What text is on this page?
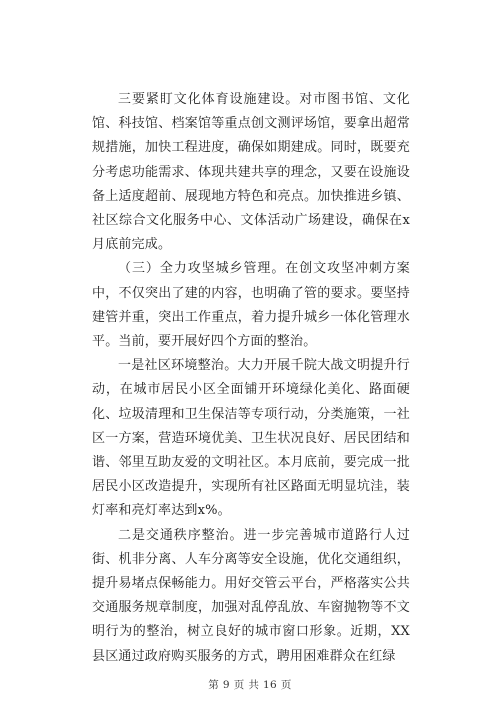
三要紧盯文化体育设施建设。对市图书馆、文化馆、科技馆、档案馆等重点创文测评场馆，要拿出超常规措施，加快工程进度，确保如期建成。同时，既要充分考虑功能需求、体现共建共享的理念，又要在设施设备上适度超前、展现地方特色和亮点。加快推进乡镇、社区综合文化服务中心、文体活动广场建设，确保在x月底前完成。

（三）全力攻坚城乡管理。在创文攻坚冲刺方案中，不仅突出了建的内容，也明确了管的要求。要坚持建管并重，突出工作重点，着力提升城乡一体化管理水平。当前，要开展好四个方面的整治。

一是社区环境整治。大力开展千院大战文明提升行动，在城市居民小区全面铺开环境绿化美化、路面硬化、垃圾清理和卫生保洁等专项行动，分类施策，一社区一方案，营造环境优美、卫生状况良好、居民团结和谐、邻里互助友爱的文明社区。本月底前，要完成一批居民小区改造提升，实现所有社区路面无明显坑洼，装灯率和亮灯率达到x%。

二是交通秩序整治。进一步完善城市道路行人过街、机非分离、人车分离等安全设施，优化交通组织，提升易堵点保畅能力。用好交管云平台，严格落实公共交通服务规章制度，加强对乱停乱放、车窗抛物等不文明行为的整治，树立良好的城市窗口形象。近期，XX县区通过政府购买服务的方式，聘用困难群众在红绿

第 9 页 共 16 页
